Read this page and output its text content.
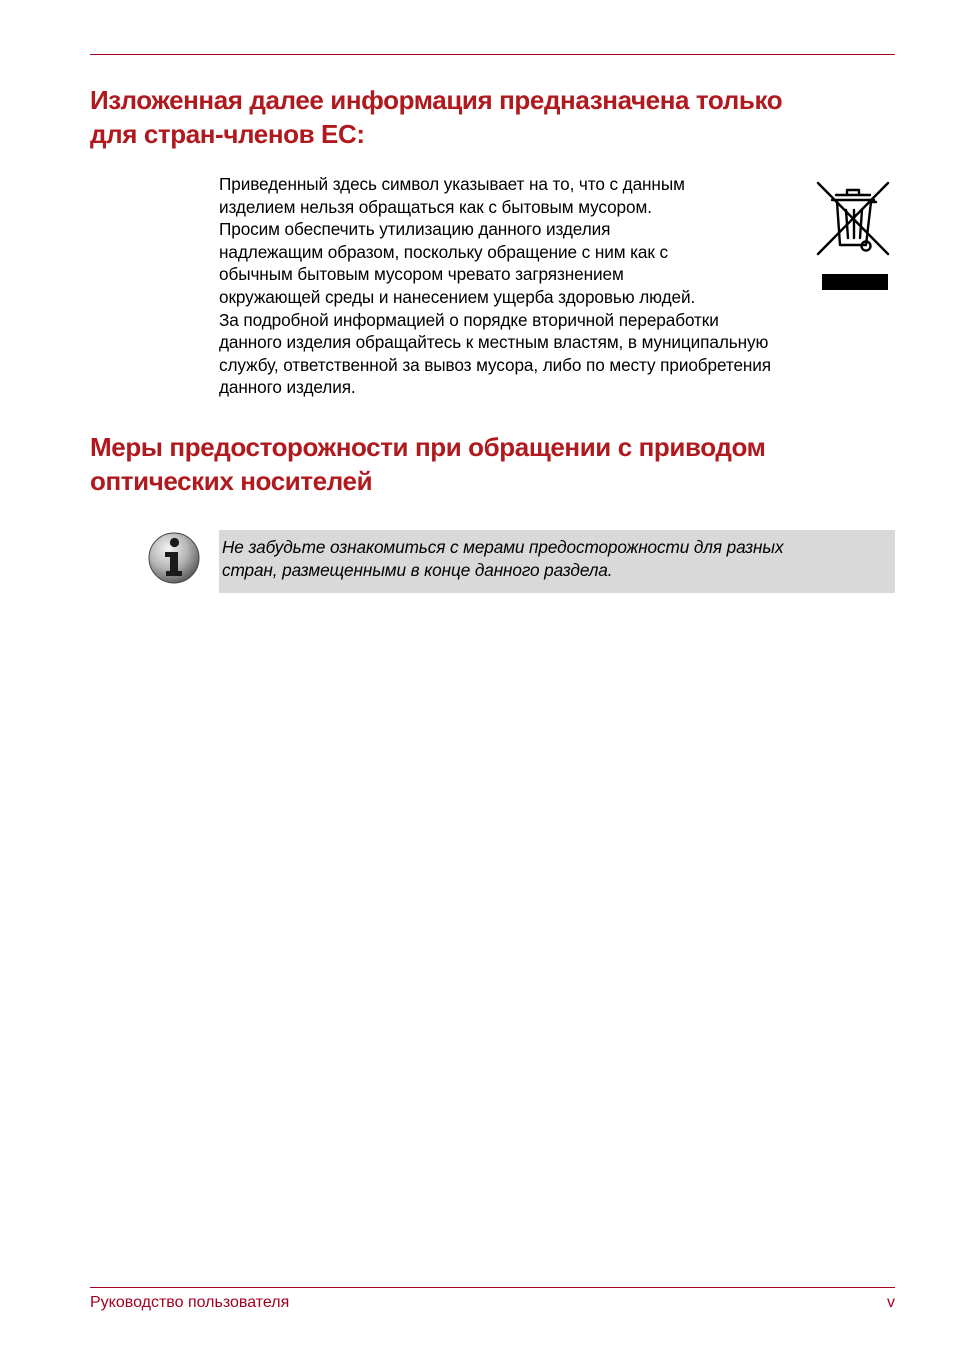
Изложенная далее информация предназначена только
для стран-членов ЕС:
Приведенный здесь символ указывает на то, что с данным
изделием нельзя обращаться как с бытовым мусором.
Просим обеспечить утилизацию данного изделия
надлежащим образом, поскольку обращение с ним как с
обычным бытовым мусором чревато загрязнением
окружающей среды и нанесением ущерба здоровью людей.
За подробной информацией о порядке вторичной переработки
данного изделия обращайтесь к местным властям, в муниципальную
службу, ответственной за вывоз мусора, либо по месту приобретения
данного изделия.
Меры предосторожности при обращении с приводом
оптических носителей
Не забудьте ознакомиться с мерами предосторожности для разных
стран, размещенными в конце данного раздела.
Руководство пользователя	v
